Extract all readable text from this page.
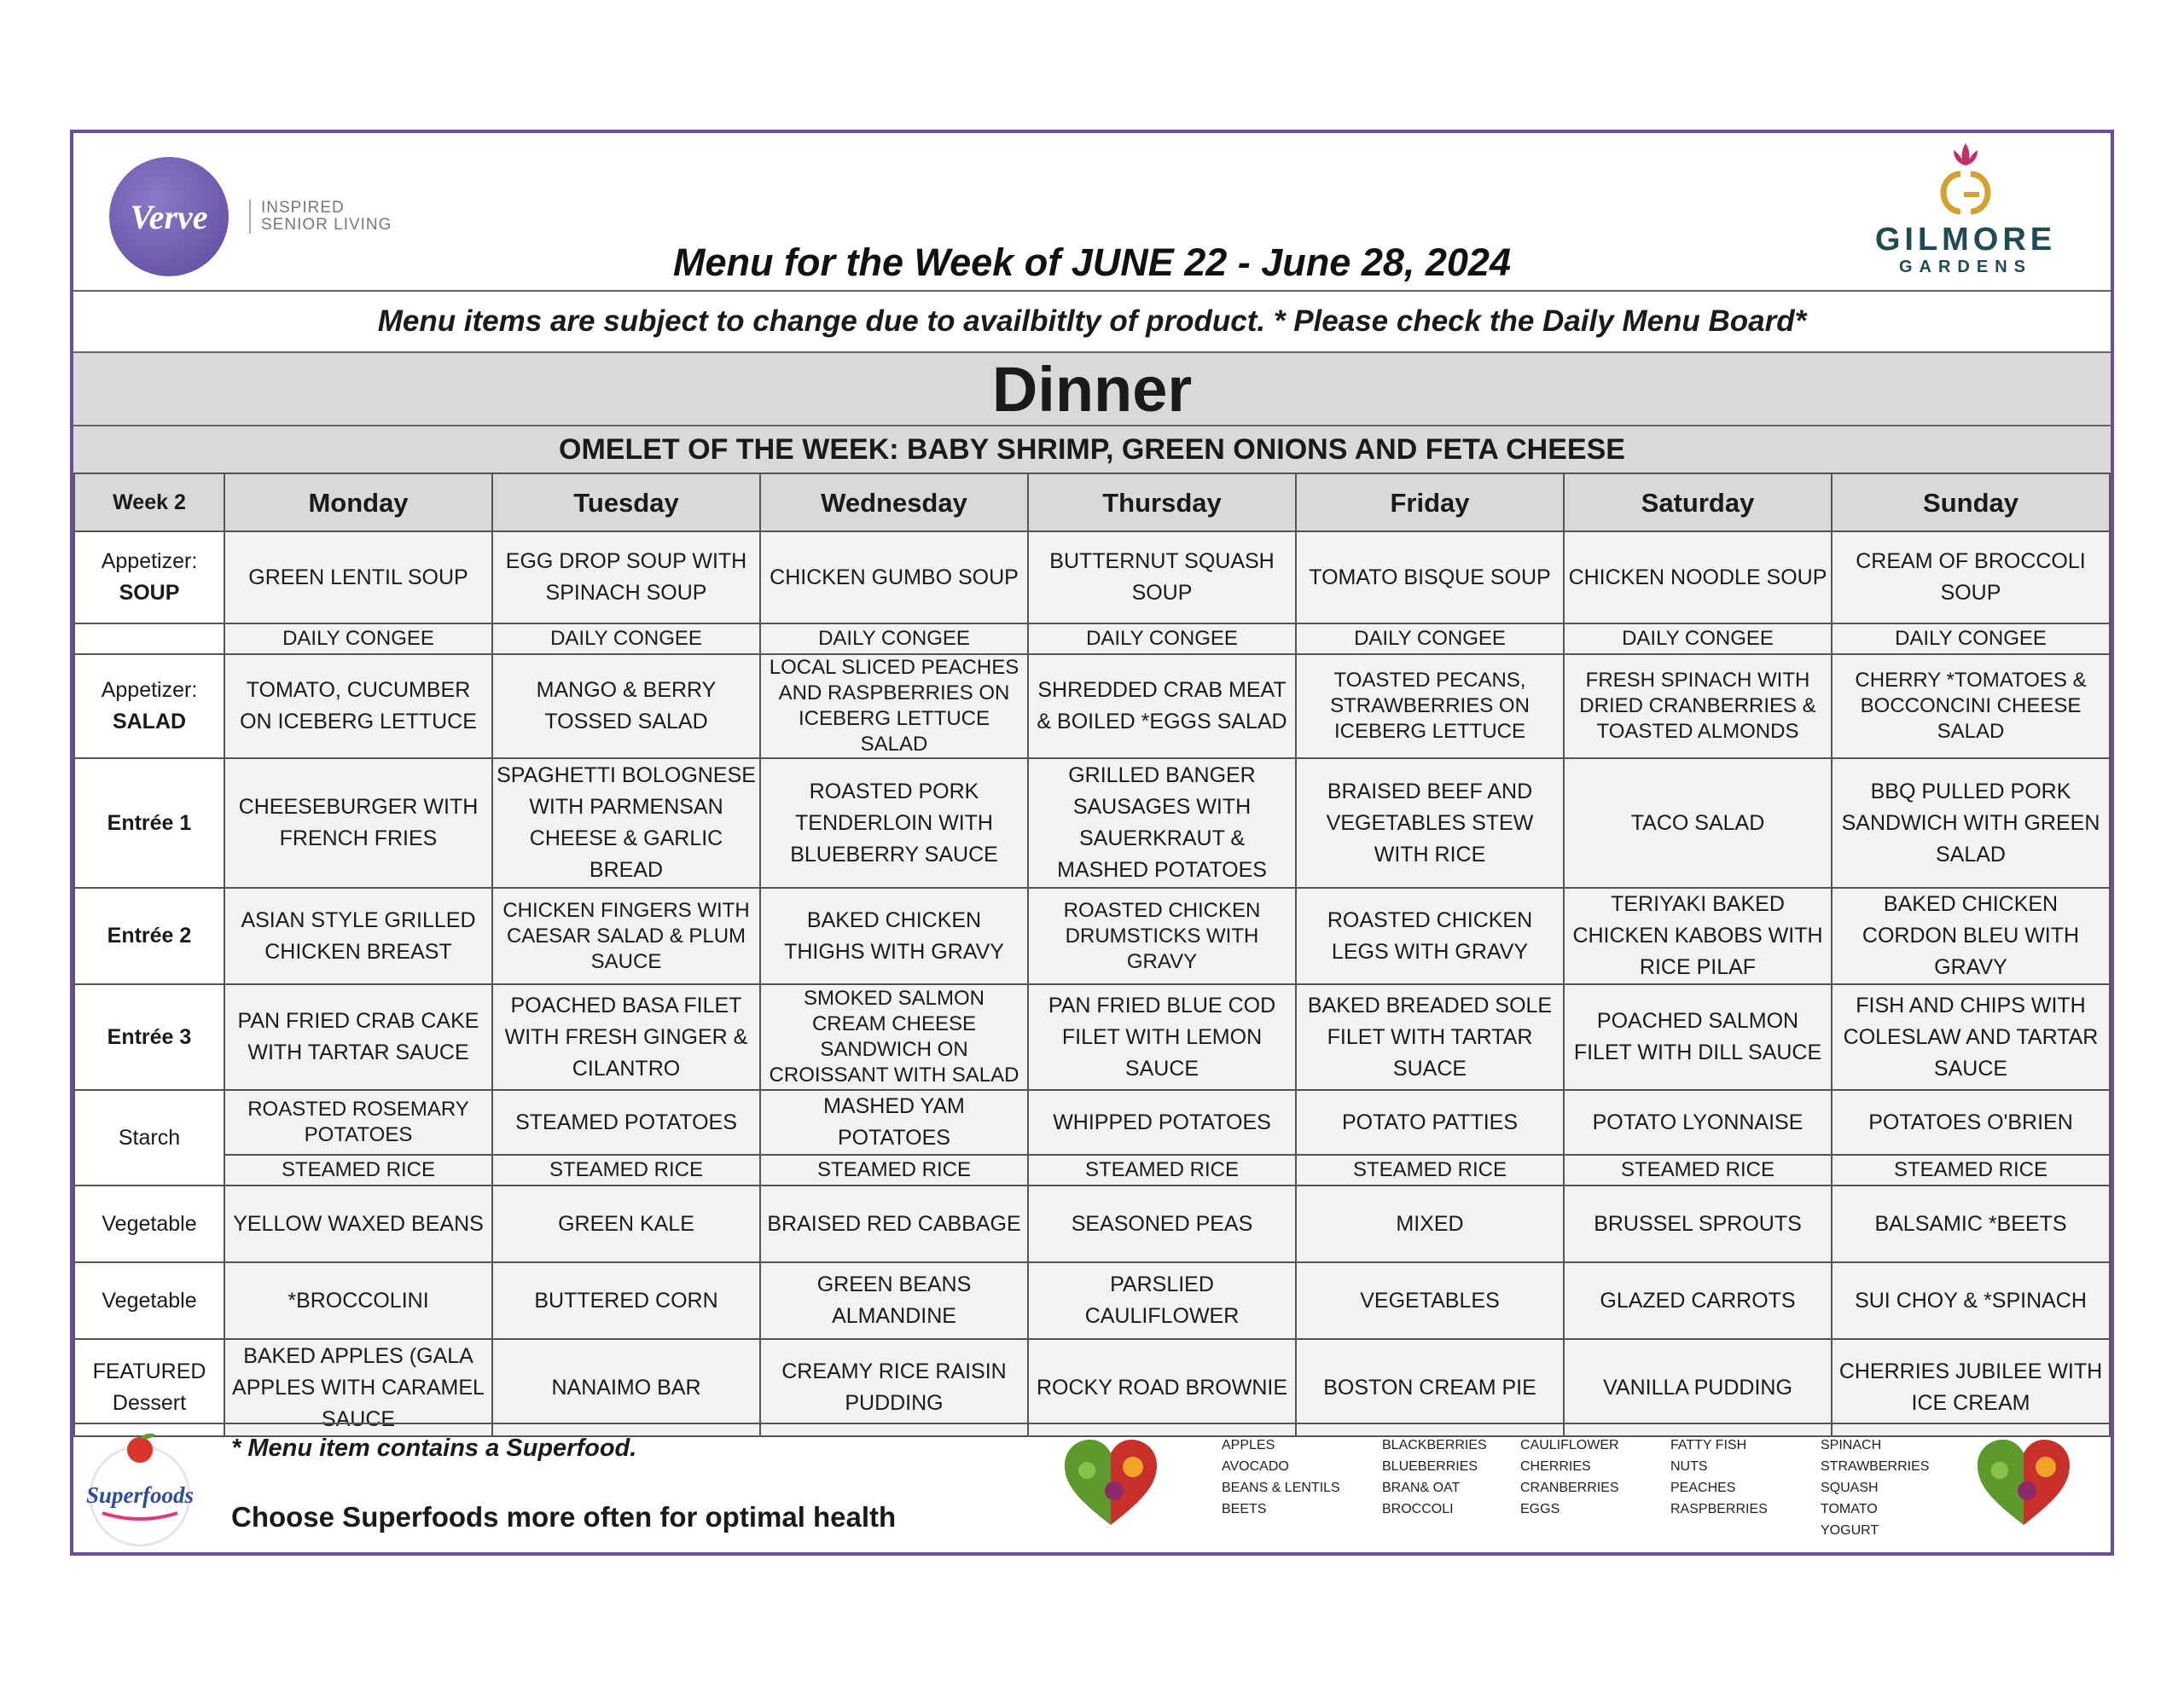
Verve	INSPIRED
SENIOR LIVING
Menu for the Week of JUNE 22 - June 28, 2024
GILMORE
GARDENS
Menu items are subject to change due to availbitlty of product. * Please check the Daily Menu Board*
Dinner
OMELET OF THE WEEK: BABY SHRIMP, GREEN ONIONS AND FETA CHEESE
Week 2	Monday	Tuesday	Wednesday	Thursday	Friday	Saturday	Sunday
Appetizer:
SOUP	GREEN LENTIL SOUP	EGG DROP SOUP WITH SPINACH SOUP	CHICKEN GUMBO SOUP	BUTTERNUT SQUASH SOUP	TOMATO BISQUE SOUP	CHICKEN NOODLE SOUP	CREAM OF BROCCOLI SOUP
	DAILY CONGEE	DAILY CONGEE	DAILY CONGEE	DAILY CONGEE	DAILY CONGEE	DAILY CONGEE	DAILY CONGEE
Appetizer:
SALAD	TOMATO, CUCUMBER ON ICEBERG LETTUCE	MANGO & BERRY TOSSED SALAD	LOCAL SLICED PEACHES AND RASPBERRIES ON ICEBERG LETTUCE SALAD	SHREDDED CRAB MEAT & BOILED *EGGS SALAD	TOASTED PECANS, STRAWBERRIES ON ICEBERG LETTUCE	FRESH SPINACH WITH DRIED CRANBERRIES & TOASTED ALMONDS	CHERRY *TOMATOES & BOCCONCINI CHEESE SALAD
Entrée 1	CHEESEBURGER WITH FRENCH FRIES	SPAGHETTI BOLOGNESE WITH PARMENSAN CHEESE & GARLIC BREAD	ROASTED PORK TENDERLOIN WITH BLUEBERRY SAUCE	GRILLED BANGER SAUSAGES WITH SAUERKRAUT & MASHED POTATOES	BRAISED BEEF AND VEGETABLES STEW WITH RICE	TACO SALAD	BBQ PULLED PORK SANDWICH WITH GREEN SALAD
Entrée 2	ASIAN STYLE GRILLED CHICKEN BREAST	CHICKEN FINGERS WITH CAESAR SALAD & PLUM SAUCE	BAKED CHICKEN THIGHS WITH GRAVY	ROASTED CHICKEN DRUMSTICKS WITH GRAVY	ROASTED CHICKEN LEGS WITH GRAVY	TERIYAKI BAKED CHICKEN KABOBS WITH RICE PILAF	BAKED CHICKEN CORDON BLEU WITH GRAVY
Entrée 3	PAN FRIED CRAB CAKE WITH TARTAR SAUCE	POACHED BASA FILET WITH FRESH GINGER & CILANTRO	SMOKED SALMON CREAM CHEESE SANDWICH ON CROISSANT WITH SALAD	PAN FRIED BLUE COD FILET WITH LEMON SAUCE	BAKED BREADED SOLE FILET WITH TARTAR SUACE	POACHED SALMON FILET WITH DILL SAUCE	FISH AND CHIPS WITH COLESLAW AND TARTAR SAUCE
Starch	ROASTED ROSEMARY POTATOES	STEAMED POTATOES	MASHED YAM POTATOES	WHIPPED POTATOES	POTATO PATTIES	POTATO LYONNAISE	POTATOES O'BRIEN
	STEAMED RICE	STEAMED RICE	STEAMED RICE	STEAMED RICE	STEAMED RICE	STEAMED RICE	STEAMED RICE
Vegetable	YELLOW WAXED BEANS	GREEN KALE	BRAISED RED CABBAGE	SEASONED PEAS	MIXED	BRUSSEL SPROUTS	BALSAMIC *BEETS
Vegetable	*BROCCOLINI	BUTTERED CORN	GREEN BEANS ALMANDINE	PARSLIED CAULIFLOWER	VEGETABLES	GLAZED CARROTS	SUI CHOY & *SPINACH
FEATURED
Dessert	BAKED APPLES (GALA APPLES WITH CARAMEL SAUCE	NANAIMO BAR	CREAMY RICE RAISIN PUDDING	ROCKY ROAD BROWNIE	BOSTON CREAM PIE	VANILLA PUDDING	CHERRIES JUBILEE WITH ICE CREAM
Superfoods
* Menu item contains a Superfood.
Choose Superfoods more often for optimal health
APPLES
AVOCADO
BEANS & LENTILS
BEETS
BLACKBERRIES
BLUEBERRIES
BRAN& OAT
BROCCOLI
CAULIFLOWER
CHERRIES
CRANBERRIES
EGGS
FATTY FISH
NUTS
PEACHES
RASPBERRIES
SPINACH
STRAWBERRIES
SQUASH
TOMATO
YOGURT
